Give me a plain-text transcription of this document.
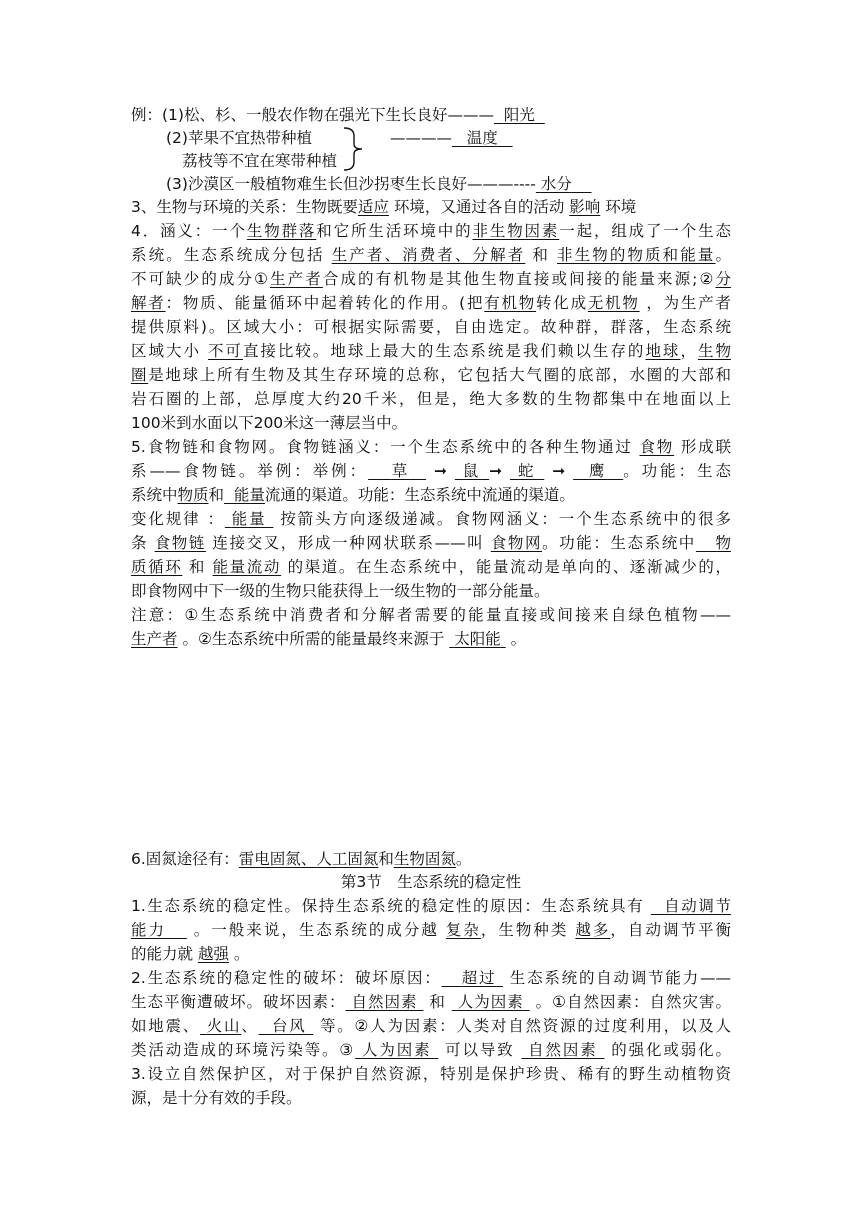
例：(1)松、杉、一般农作物在强光下生长良好——— 阳光
(2)苹果不宜热带种植
荔枝等不宜在寒带种植
———— 温度
(3)沙漠区一般植物难生长但沙拐枣生长良好———---- 水分
3、生物与环境的关系：生物既要适应 环境，又通过各自的活动 影响 环境
4．涵义：一个生物群落和它所生活环境中的非生物因素一起，组成了一个生态
系统。生态系统成分包括 生产者、消费者、分解者 和 非生物的物质和能量。
不可缺少的成分①生产者合成的有机物是其他生物直接或间接的能量来源;②分
解者：物质、能量循环中起着转化的作用。(把有机物转化成无机物 ，为生产者
提供原料)。区域大小：可根据实际需要，自由选定。故种群，群落，生态系统
区域大小 不可直接比较。地球上最大的生态系统是我们赖以生存的地球，生物
圈是地球上所有生物及其生存环境的总称，它包括大气圈的底部，水圈的大部和
岩石圈的上部，总厚度大约20千米，但是，绝大多数的生物都集中在地面以上
100米到水面以下200米这一薄层当中。
5.食物链和食物网。食物链涵义：一个生态系统中的各种生物通过 食物 形成联
系——食物链。举例：举例： 草 ➞ 鼠 ➞ 蛇 ➞ 鹰 。功能：生态
系统中物质和 能量流通的渠道。功能：生态系统中流通的渠道。
变化规律 ： 能量  按箭头方向逐级递减。食物网涵义：一个生态系统中的很多
条 食物链 连接交叉，形成一种网状联系——叫 食物网。功能：生态系统中 物
质循环 和 能量流动 的渠道。在生态系统中，能量流动是单向的、逐渐减少的，
即食物网中下一级的生物只能获得上一级生物的一部分能量。
注意：①生态系统中消费者和分解者需要的能量直接或间接来自绿色植物——
生产者 。②生态系统中所需的能量最终来源于  太阳能  。
6.固氮途径有：雷电固氮、人工固氮和生物固氮。
第3节　生态系统的稳定性
1.生态系统的稳定性。保持生态系统的稳定性的原因：生态系统具有   自动调节
能力    。一般来说，生态系统的成分越 复杂，生物种类 越多，自动调节平衡
的能力就 越强 。
2.生态系统的稳定性的破坏：破坏原因： 超过  生态系统的自动调节能力——
生态平衡遭破坏。破坏因素： 自然因素  和  人为因素  。①自然因素：自然灾害。
如地震、 火山、 台风  等。②人为因素：人类对自然资源的过度利用，以及人
类活动造成的环境污染等。③ 人为因素  可以导致  自然因素  的强化或弱化。
3.设立自然保护区，对于保护自然资源，特别是保护珍贵、稀有的野生动植物资
源，是十分有效的手段。
